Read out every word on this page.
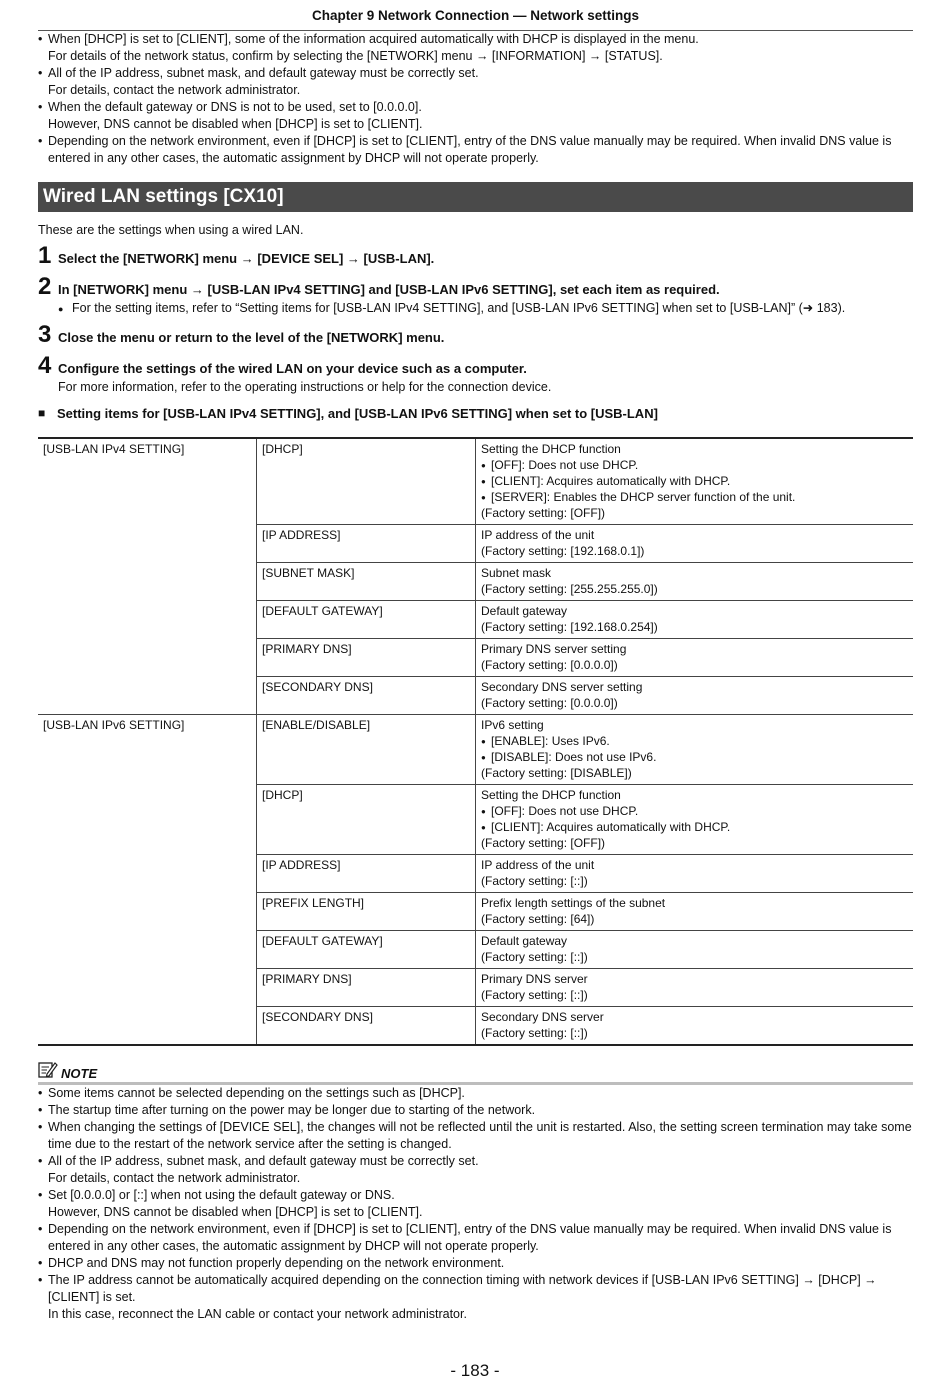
Chapter 9 Network Connection — Network settings
• When [DHCP] is set to [CLIENT], some of the information acquired automatically with DHCP is displayed in the menu.
For details of the network status, confirm by selecting the [NETWORK] menu → [INFORMATION] → [STATUS].
• All of the IP address, subnet mask, and default gateway must be correctly set.
For details, contact the network administrator.
• When the default gateway or DNS is not to be used, set to [0.0.0.0].
However, DNS cannot be disabled when [DHCP] is set to [CLIENT].
• Depending on the network environment, even if [DHCP] is set to [CLIENT], entry of the DNS value manually may be required. When invalid DNS value is entered in any other cases, the automatic assignment by DHCP will not operate properly.
Wired LAN settings [CX10]
These are the settings when using a wired LAN.
1 Select the [NETWORK] menu → [DEVICE SEL] → [USB-LAN].
2 In [NETWORK] menu → [USB-LAN IPv4 SETTING] and [USB-LAN IPv6 SETTING], set each item as required.
● For the setting items, refer to “Setting items for [USB-LAN IPv4 SETTING], and [USB-LAN IPv6 SETTING] when set to [USB-LAN]” (➜ 183).
3 Close the menu or return to the level of the [NETWORK] menu.
4 Configure the settings of the wired LAN on your device such as a computer.
For more information, refer to the operating instructions or help for the connection device.
■ Setting items for [USB-LAN IPv4 SETTING], and [USB-LAN IPv6 SETTING] when set to [USB-LAN]
[USB-LAN IPv4 SETTING]	[DHCP]	Setting the DHCP function
● [OFF]: Does not use DHCP.
● [CLIENT]: Acquires automatically with DHCP.
● [SERVER]: Enables the DHCP server function of the unit.
(Factory setting: [OFF])

	[IP ADDRESS]	IP address of the unit
(Factory setting: [192.168.0.1])

	[SUBNET MASK]	Subnet mask
(Factory setting: [255.255.255.0])

	[DEFAULT GATEWAY]	Default gateway
(Factory setting: [192.168.0.254])

	[PRIMARY DNS]	Primary DNS server setting
(Factory setting: [0.0.0.0])

	[SECONDARY DNS]	Secondary DNS server setting
(Factory setting: [0.0.0.0])

[USB-LAN IPv6 SETTING]	[ENABLE/DISABLE]	IPv6 setting
● [ENABLE]: Uses IPv6.
● [DISABLE]: Does not use IPv6.
(Factory setting: [DISABLE])

	[DHCP]	Setting the DHCP function
● [OFF]: Does not use DHCP.
● [CLIENT]: Acquires automatically with DHCP.
(Factory setting: [OFF])

	[IP ADDRESS]	IP address of the unit
(Factory setting: [::])

	[PREFIX LENGTH]	Prefix length settings of the subnet
(Factory setting: [64])

	[DEFAULT GATEWAY]	Default gateway
(Factory setting: [::])

	[PRIMARY DNS]	Primary DNS server
(Factory setting: [::])

	[SECONDARY DNS]	Secondary DNS server
(Factory setting: [::])
NOTE
• Some items cannot be selected depending on the settings such as [DHCP].
• The startup time after turning on the power may be longer due to starting of the network.
• When changing the settings of [DEVICE SEL], the changes will not be reflected until the unit is restarted. Also, the setting screen termination may take some time due to the restart of the network service after the setting is changed.
• All of the IP address, subnet mask, and default gateway must be correctly set.
For details, contact the network administrator.
• Set [0.0.0.0] or [::] when not using the default gateway or DNS.
However, DNS cannot be disabled when [DHCP] is set to [CLIENT].
• Depending on the network environment, even if [DHCP] is set to [CLIENT], entry of the DNS value manually may be required. When invalid DNS value is entered in any other cases, the automatic assignment by DHCP will not operate properly.
• DHCP and DNS may not function properly depending on the network environment.
• The IP address cannot be automatically acquired depending on the connection timing with network devices if [USB-LAN IPv6 SETTING] → [DHCP] → [CLIENT] is set.
In this case, reconnect the LAN cable or contact your network administrator.
- 183 -
